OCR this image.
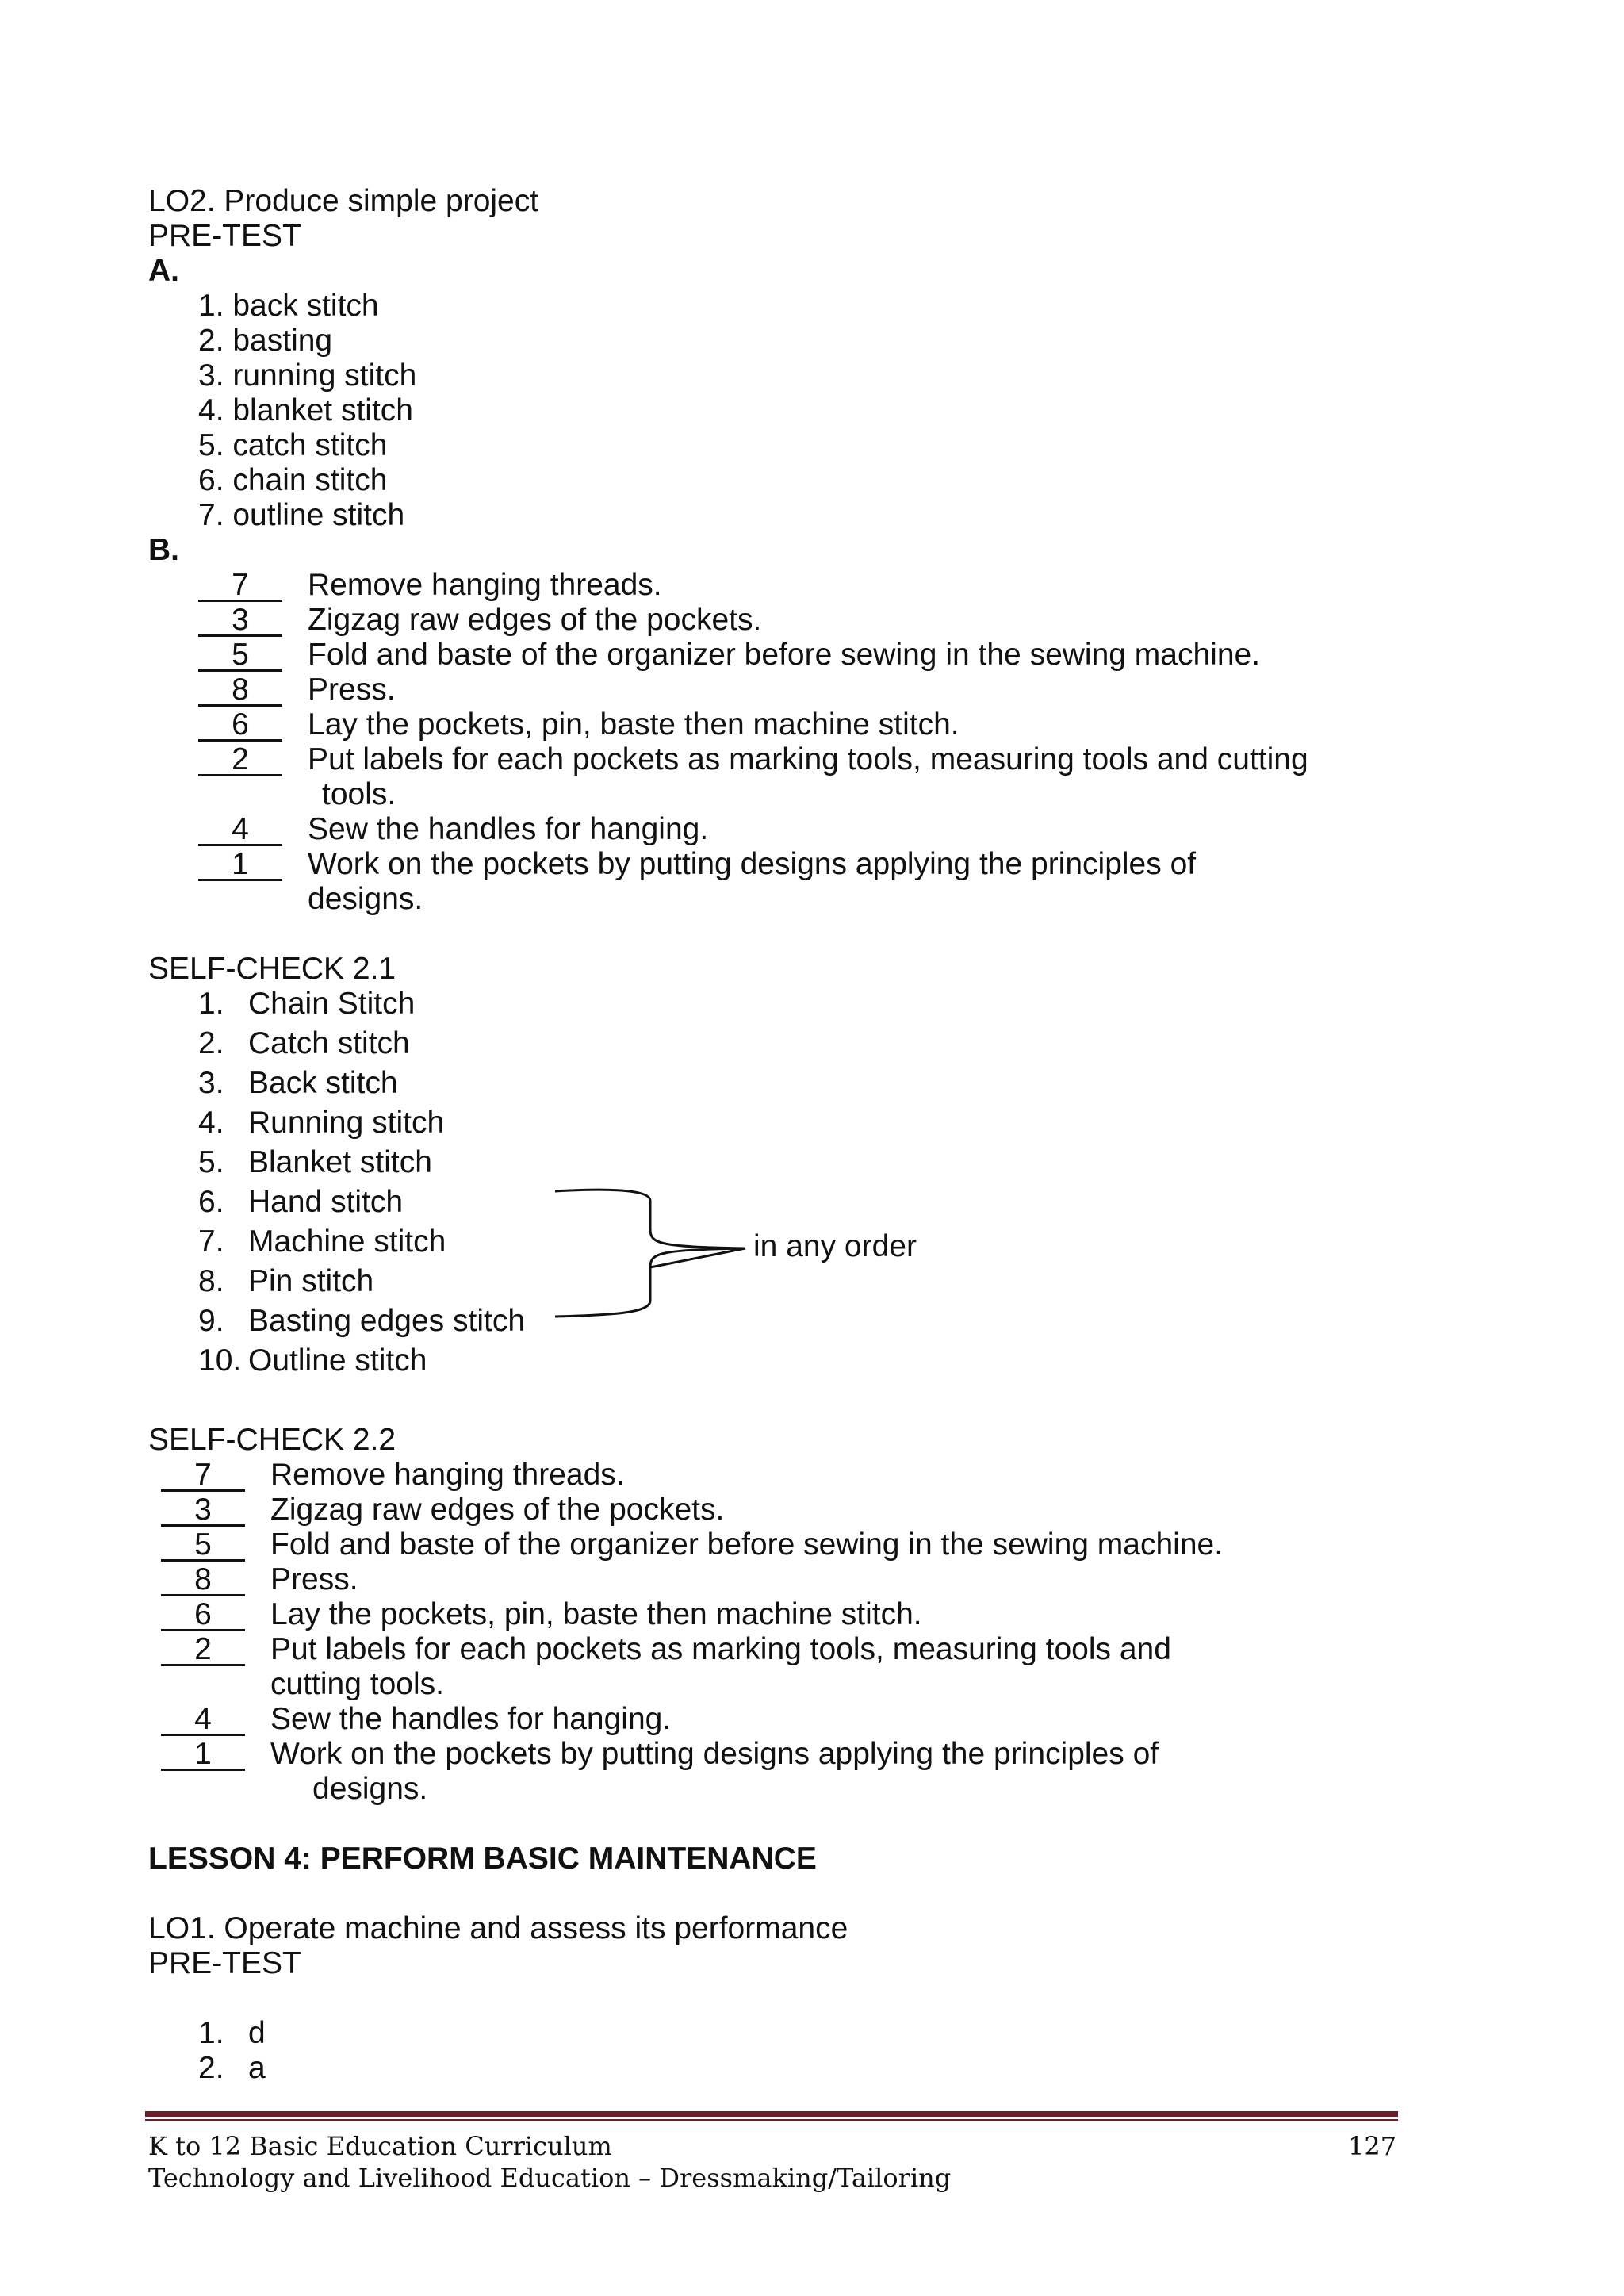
LO2. Produce simple project
PRE-TEST
A.
1. back stitch
2. basting
3. running stitch
4. blanket stitch
5. catch stitch
6. chain stitch
7. outline stitch
B.
7	Remove hanging threads.
3	Zigzag raw edges of the pockets.
5	Fold and baste of the organizer before sewing in the sewing machine.
8	Press.
6	Lay the pockets, pin, baste then machine stitch.
2	Put labels for each pockets as marking tools, measuring tools and cutting
tools.
4	Sew the handles for hanging.
1	Work on the pockets by putting designs applying the principles of
designs.
SELF-CHECK 2.1
1. Chain Stitch
2. Catch stitch
3. Back stitch
4. Running stitch
5. Blanket stitch
6. Hand stitch
7. Machine stitch
8. Pin stitch
9. Basting edges stitch
10. Outline stitch
in any order
SELF-CHECK 2.2
7	Remove hanging threads.
3	Zigzag raw edges of the pockets.
5	Fold and baste of the organizer before sewing in the sewing machine.
8	Press.
6	Lay the pockets, pin, baste then machine stitch.
2	Put labels for each pockets as marking tools, measuring tools and
cutting tools.
4	Sew the handles for hanging.
1	Work on the pockets by putting designs applying the principles of
designs.
LESSON 4: PERFORM BASIC MAINTENANCE
LO1. Operate machine and assess its performance
PRE-TEST
1. d
2. a
K to 12 Basic Education Curriculum	127
Technology and Livelihood Education – Dressmaking/Tailoring
